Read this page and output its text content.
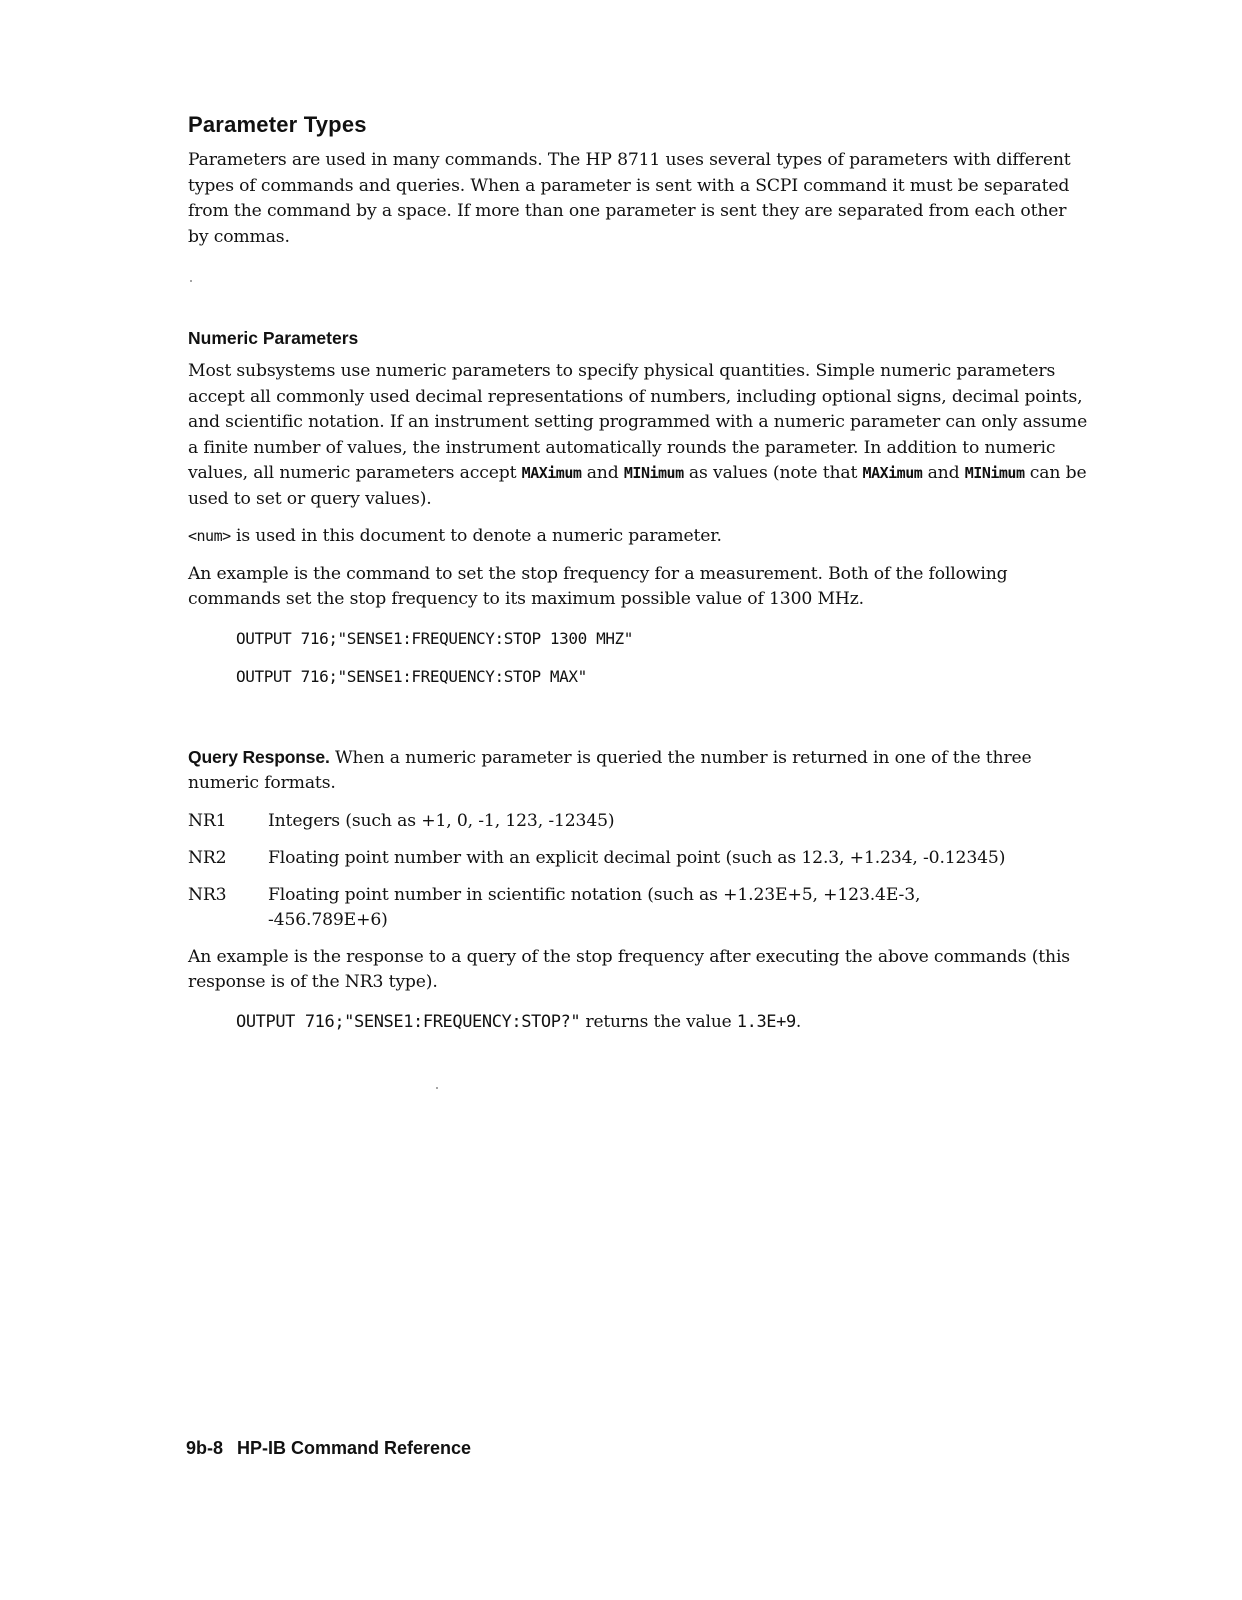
Parameter Types

Parameters are used in many commands. The HP 8711 uses several types of parameters with different types of commands and queries. When a parameter is sent with a SCPI command it must be separated from the command by a space. If more than one parameter is sent they are separated from each other by commas.

Numeric Parameters

Most subsystems use numeric parameters to specify physical quantities. Simple numeric parameters accept all commonly used decimal representations of numbers, including optional signs, decimal points, and scientific notation. If an instrument setting programmed with a numeric parameter can only assume a finite number of values, the instrument automatically rounds the parameter. In addition to numeric values, all numeric parameters accept MAXimum and MINimum as values (note that MAXimum and MINimum can be used to set or query values).

<num> is used in this document to denote a numeric parameter.

An example is the command to set the stop frequency for a measurement. Both of the following commands set the stop frequency to its maximum possible value of 1300 MHz.

OUTPUT 716;"SENSE1:FREQUENCY:STOP 1300 MHZ"
OUTPUT 716;"SENSE1:FREQUENCY:STOP MAX"

Query Response. When a numeric parameter is queried the number is returned in one of the three numeric formats.

NR1	Integers (such as +1, 0, -1, 123, -12345)
NR2	Floating point number with an explicit decimal point (such as 12.3, +1.234, -0.12345)
NR3	Floating point number in scientific notation (such as +1.23E+5, +123.4E-3, -456.789E+6)

An example is the response to a query of the stop frequency after executing the above commands (this response is of the NR3 type).

OUTPUT 716;"SENSE1:FREQUENCY:STOP?" returns the value 1.3E+9.
9b-8 HP-IB Command Reference
